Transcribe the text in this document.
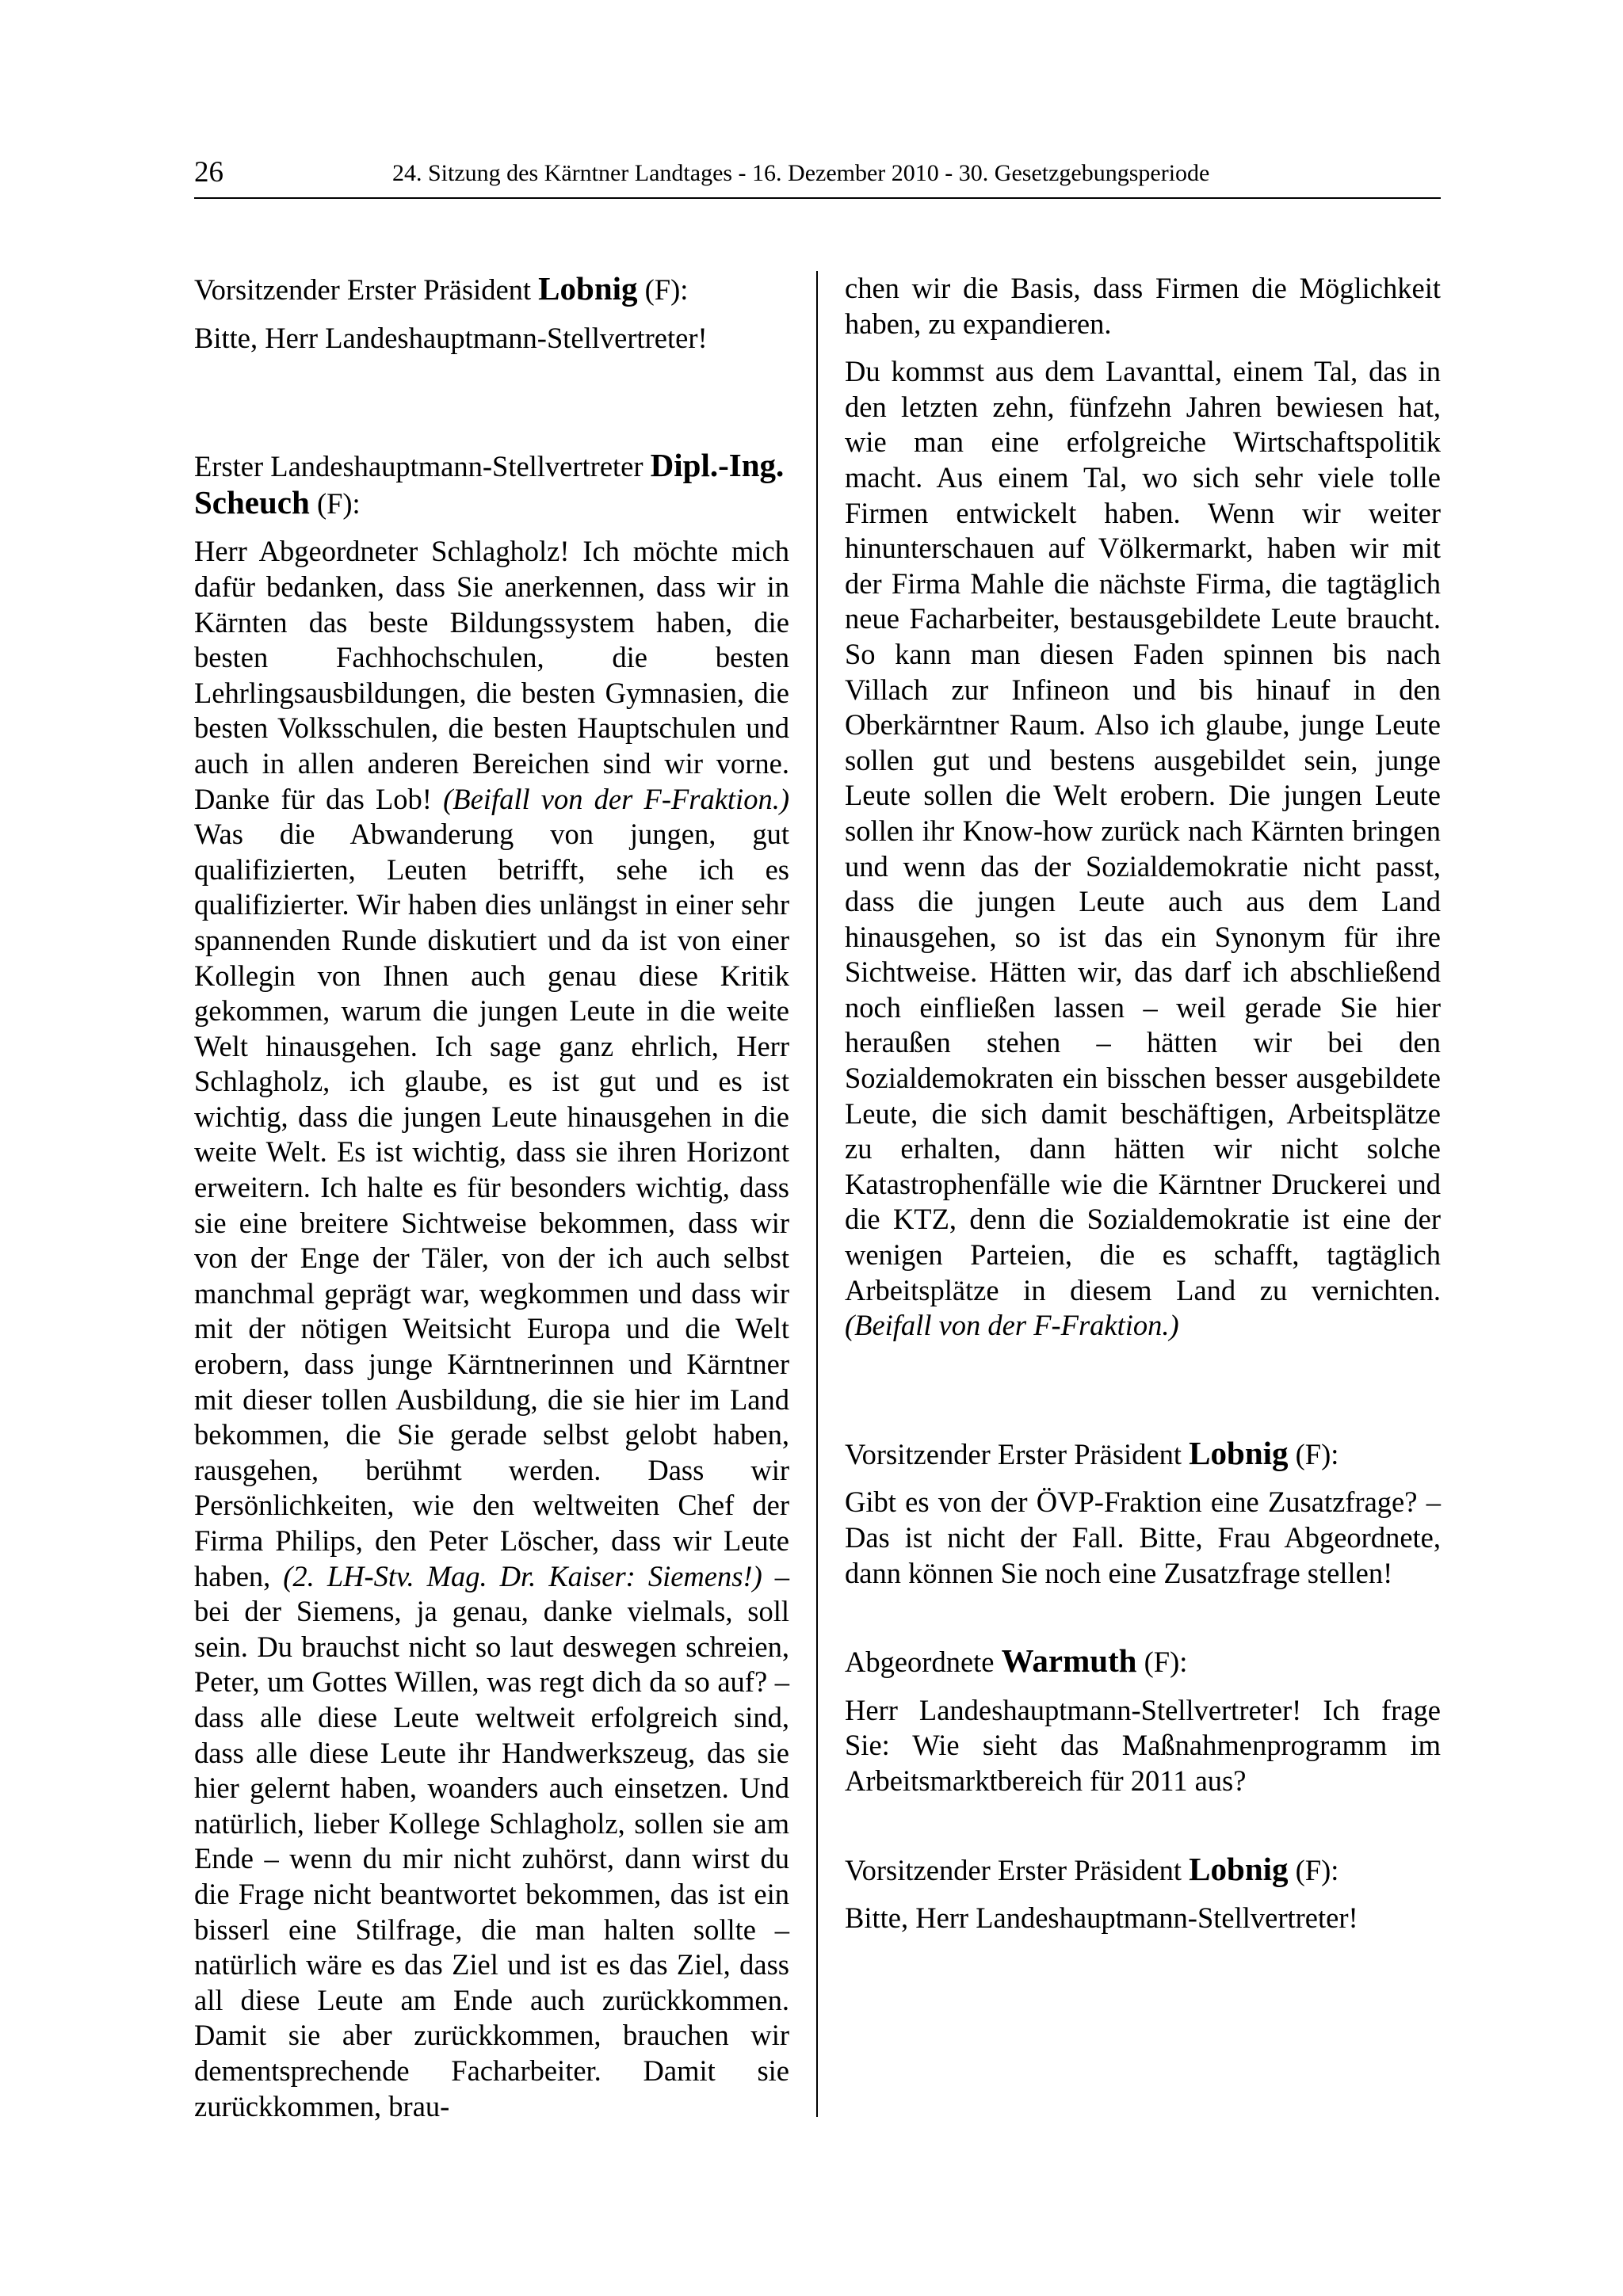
26	24. Sitzung des Kärntner Landtages - 16. Dezember 2010 - 30. Gesetzgebungsperiode

Vorsitzender Erster Präsident Lobnig (F):

Bitte, Herr Landeshauptmann-Stellvertreter!

Erster Landeshauptmann-Stellvertreter Dipl.-Ing. Scheuch (F):

Herr Abgeordneter Schlagholz! Ich möchte mich dafür bedanken, dass Sie anerkennen, dass wir in Kärnten das beste Bildungssystem haben, die besten Fachhochschulen, die besten Lehrlingsausbildungen, die besten Gymnasien, die besten Volksschulen, die besten Hauptschulen und auch in allen anderen Bereichen sind wir vorne. Danke für das Lob! (Beifall von der F-Fraktion.) Was die Abwanderung von jungen, gut qualifizierten, Leuten betrifft, sehe ich es qualifizierter. Wir haben dies unlängst in einer sehr spannenden Runde diskutiert und da ist von einer Kollegin von Ihnen auch genau diese Kritik gekommen, warum die jungen Leute in die weite Welt hinausgehen. Ich sage ganz ehrlich, Herr Schlagholz, ich glaube, es ist gut und es ist wichtig, dass die jungen Leute hinausgehen in die weite Welt. Es ist wichtig, dass sie ihren Horizont erweitern. Ich halte es für besonders wichtig, dass sie eine breitere Sichtweise bekommen, dass wir von der Enge der Täler, von der ich auch selbst manchmal geprägt war, wegkommen und dass wir mit der nötigen Weitsicht Europa und die Welt erobern, dass junge Kärntnerinnen und Kärntner mit dieser tollen Ausbildung, die sie hier im Land bekommen, die Sie gerade selbst gelobt haben, rausgehen, berühmt werden. Dass wir Persönlichkeiten, wie den weltweiten Chef der Firma Philips, den Peter Löscher, dass wir Leute haben, (2. LH-Stv. Mag. Dr. Kaiser: Siemens!) – bei der Siemens, ja genau, danke vielmals, soll sein. Du brauchst nicht so laut deswegen schreien, Peter, um Gottes Willen, was regt dich da so auf? – dass alle diese Leute weltweit erfolgreich sind, dass alle diese Leute ihr Handwerkszeug, das sie hier gelernt haben, woanders auch einsetzen. Und natürlich, lieber Kollege Schlagholz, sollen sie am Ende – wenn du mir nicht zuhörst, dann wirst du die Frage nicht beantwortet bekommen, das ist ein bisserl eine Stilfrage, die man halten sollte – natürlich wäre es das Ziel und ist es das Ziel, dass all diese Leute am Ende auch zurückkommen. Damit sie aber zurückkommen, brauchen wir dementsprechende Facharbeiter. Damit sie zurückkommen, brau-

chen wir die Basis, dass Firmen die Möglichkeit haben, zu expandieren.

Du kommst aus dem Lavanttal, einem Tal, das in den letzten zehn, fünfzehn Jahren bewiesen hat, wie man eine erfolgreiche Wirtschaftspolitik macht. Aus einem Tal, wo sich sehr viele tolle Firmen entwickelt haben. Wenn wir weiter hinunterschauen auf Völkermarkt, haben wir mit der Firma Mahle die nächste Firma, die tagtäglich neue Facharbeiter, bestausgebildete Leute braucht. So kann man diesen Faden spinnen bis nach Villach zur Infineon und bis hinauf in den Oberkärntner Raum. Also ich glaube, junge Leute sollen gut und bestens ausgebildet sein, junge Leute sollen die Welt erobern. Die jungen Leute sollen ihr Know-how zurück nach Kärnten bringen und wenn das der Sozialdemokratie nicht passt, dass die jungen Leute auch aus dem Land hinausgehen, so ist das ein Synonym für ihre Sichtweise. Hätten wir, das darf ich abschließend noch einfließen lassen – weil gerade Sie hier heraußen stehen – hätten wir bei den Sozialdemokraten ein bisschen besser ausgebildete Leute, die sich damit beschäftigen, Arbeitsplätze zu erhalten, dann hätten wir nicht solche Katastrophenfälle wie die Kärntner Druckerei und die KTZ, denn die Sozialdemokratie ist eine der wenigen Parteien, die es schafft, tagtäglich Arbeitsplätze in diesem Land zu vernichten. (Beifall von der F-Fraktion.)

Vorsitzender Erster Präsident Lobnig (F):

Gibt es von der ÖVP-Fraktion eine Zusatzfrage? – Das ist nicht der Fall. Bitte, Frau Abgeordnete, dann können Sie noch eine Zusatzfrage stellen!

Abgeordnete Warmuth (F):

Herr Landeshauptmann-Stellvertreter! Ich frage Sie: Wie sieht das Maßnahmenprogramm im Arbeitsmarktbereich für 2011 aus?

Vorsitzender Erster Präsident Lobnig (F):

Bitte, Herr Landeshauptmann-Stellvertreter!
